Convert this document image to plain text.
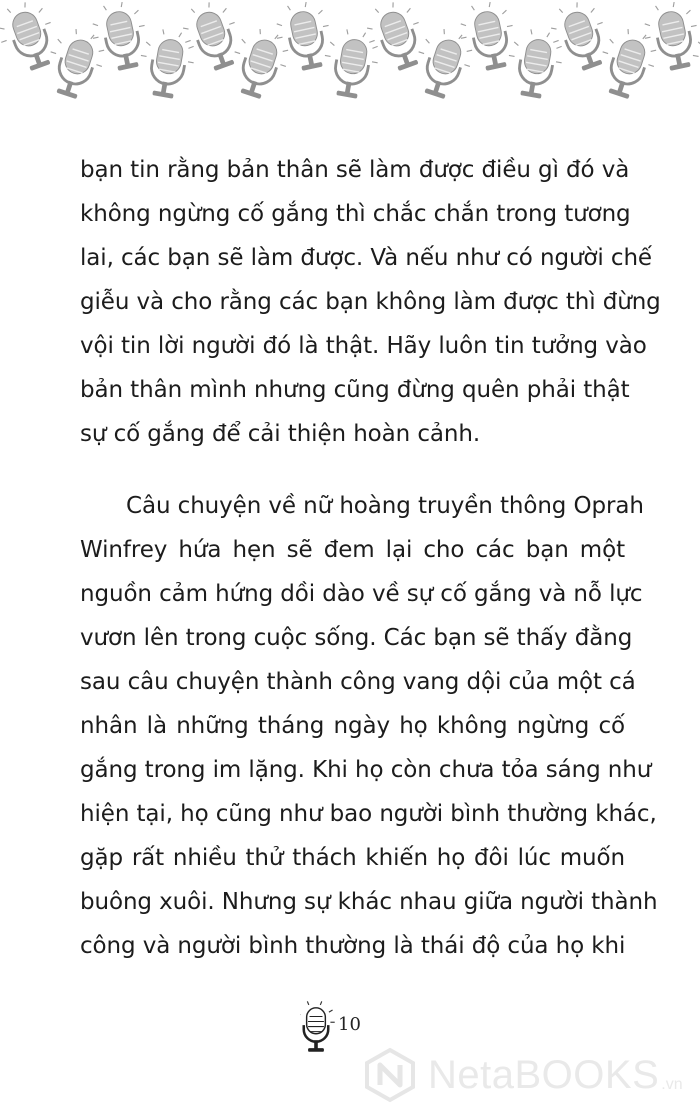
bạn tin rằng bản thân sẽ làm được điều gì đó và
không ngừng cố gắng thì chắc chắn trong tương
lai, các bạn sẽ làm được. Và nếu như có người chế
giễu và cho rằng các bạn không làm được thì đừng
vội tin lời người đó là thật. Hãy luôn tin tưởng vào
bản thân mình nhưng cũng đừng quên phải thật
sự cố gắng để cải thiện hoàn cảnh.
Câu chuyện về nữ hoàng truyền thông Oprah
Winfrey hứa hẹn sẽ đem lại cho các bạn một
nguồn cảm hứng dồi dào về sự cố gắng và nỗ lực
vươn lên trong cuộc sống. Các bạn sẽ thấy đằng
sau câu chuyện thành công vang dội của một cá
nhân là những tháng ngày họ không ngừng cố
gắng trong im lặng. Khi họ còn chưa tỏa sáng như
hiện tại, họ cũng như bao người bình thường khác,
gặp rất nhiều thử thách khiến họ đôi lúc muốn
buông xuôi. Nhưng sự khác nhau giữa người thành
công và người bình thường là thái độ của họ khi
10
NetaBOOKS .vn
